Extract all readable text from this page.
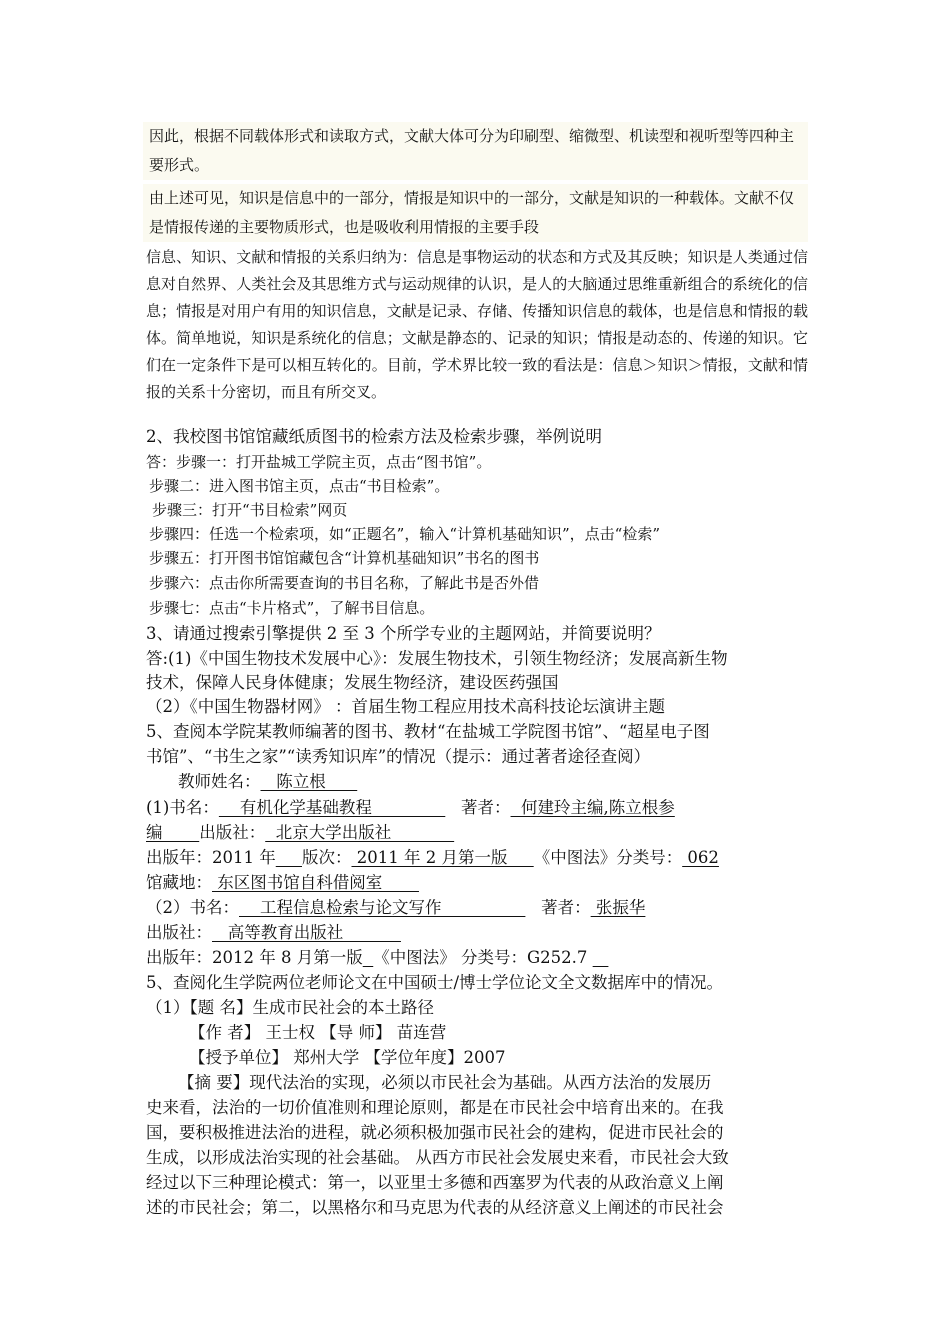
因此，根据不同载体形式和读取方式，文献大体可分为印刷型、缩微型、机读型和视听型等四种主要形式。
由上述可见，知识是信息中的一部分，情报是知识中的一部分，文献是知识的一种载体。文献不仅是情报传递的主要物质形式，也是吸收利用情报的主要手段
信息、知识、文献和情报的关系归纳为：信息是事物运动的状态和方式及其反映；知识是人类通过信息对自然界、人类社会及其思维方式与运动规律的认识，是人的大脑通过思维重新组合的系统化的信息；情报是对用户有用的知识信息，文献是记录、存储、传播知识信息的载体，也是信息和情报的载体。简单地说，知识是系统化的信息；文献是静态的、记录的知识；情报是动态的、传递的知识。它们在一定条件下是可以相互转化的。目前，学术界比较一致的看法是：信息＞知识＞情报，文献和情报的关系十分密切，而且有所交叉。
2、我校图书馆馆藏纸质图书的检索方法及检索步骤，举例说明
答：步骤一：打开盐城工学院主页，点击“图书馆”。
步骤二：进入图书馆主页，点击“书目检索”。
步骤三：打开“书目检索”网页
步骤四：任选一个检索项，如“正题名”，输入“计算机基础知识”，点击“检索”
步骤五：打开图书馆馆藏包含“计算机基础知识”书名的图书
步骤六：点击你所需要查询的书目名称，了解此书是否外借
步骤七：点击“卡片格式”，了解书目信息。
3、请通过搜索引擎提供 2 至 3 个所学专业的主题网站，并简要说明？
答:(1)《中国生物技术发展中心》：发展生物技术，引领生物经济；发展高新生物
技术，保障人民身体健康；发展生物经济，建设医药强国
（2）《中国生物器材网》 ：首届生物工程应用技术高科技论坛演讲主题
5、查阅本学院某教师编著的图书、教材“在盐城工学院图书馆”、“超星电子图
书馆”、“书生之家”“读秀知识库”的情况（提示：通过著者途径查阅）
教师姓名：   陈立根
(1)书名：    有机化学基础教程                 著者：  何建玲主编,陈立根参
编       出版社：  北京大学出版社
出版年：2011 年 版次： 2011 年 2 月第一版     《中图法》分类号： 062
馆藏地： 东区图书馆自科借阅室
（2）书名：    工程信息检索与论文写作                   著者： 张振华
出版社：   高等教育出版社
出版年：2012 年 8 月第一版 《中图法》 分类号：G252.7
5、查阅化生学院两位老师论文在中国硕士/博士学位论文全文数据库中的情况。
（1）【题 名】生成市民社会的本土路径
【作 者】 王士权 【导 师】 苗连营
【授予单位】 郑州大学 【学位年度】2007
【摘 要】现代法治的实现，必须以市民社会为基础。从西方法治的发展历
史来看，法治的一切价值准则和理论原则，都是在市民社会中培育出来的。在我
国，要积极推进法治的进程，就必须积极加强市民社会的建构，促进市民社会的
生成，以形成法治实现的社会基础。 从西方市民社会发展史来看，市民社会大致
经过以下三种理论模式：第一，以亚里士多德和西塞罗为代表的从政治意义上阐
述的市民社会；第二，以黑格尔和马克思为代表的从经济意义上阐述的市民社会
